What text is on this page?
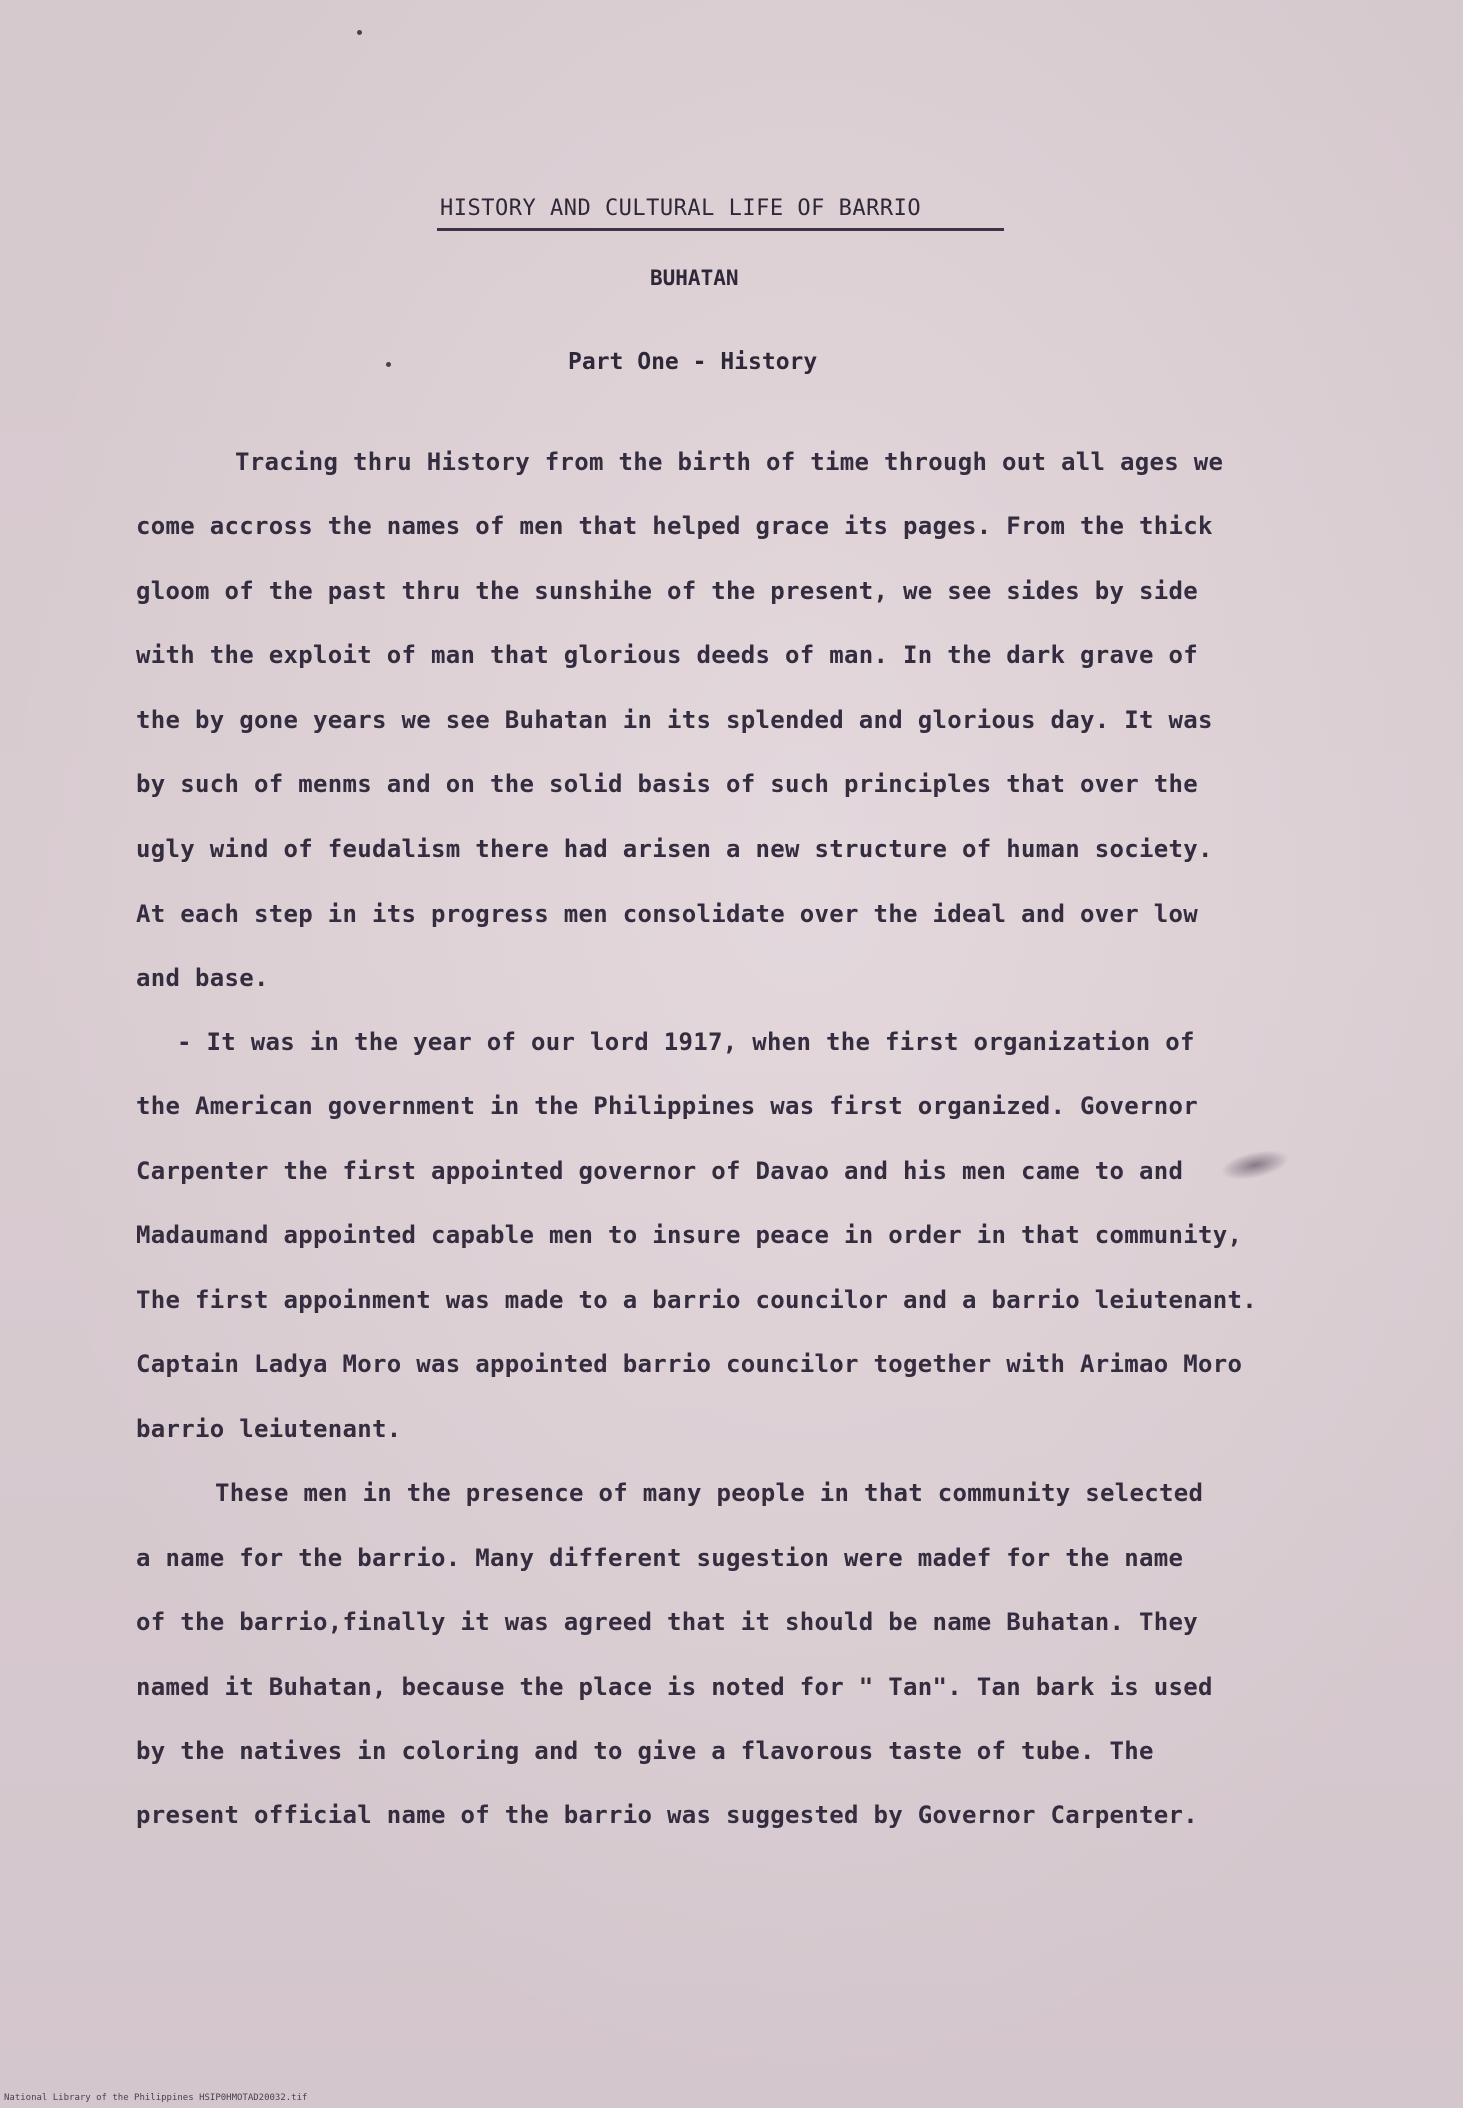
HISTORY AND CULTURAL LIFE OF BARRIO
BUHATAN
Part One - History
Tracing thru History from the birth of time through out all ages we
come accross the names of men that helped grace its pages. From the thick
gloom of the past thru the sunshihe of the present, we see sides by side
with the exploit of man that glorious deeds of man. In the dark grave of
the by gone years we see Buhatan in its splended and glorious day. It was
by such of menms and on the solid basis of such principles that over the
ugly wind of feudalism there had arisen a new structure of human society.
At each step in its progress men consolidate over the ideal and over low
and base.
- It was in the year of our lord 1917, when the first organization of
the American government in the Philippines was first organized. Governor
Carpenter the first appointed governor of Davao and his men came to and
Madaumand appointed capable men to insure peace in order in that community,
The first appoinment was made to a barrio councilor and a barrio leiutenant.
Captain Ladya Moro was appointed barrio councilor together with Arimao Moro
barrio leiutenant.
These men in the presence of many people in that community selected
a name for the barrio. Many different sugestion were madef for the name
of the barrio,finally it was agreed that it should be name Buhatan. They
named it Buhatan, because the place is noted for " Tan". Tan bark is used
by the natives in coloring and to give a flavorous taste of tube. The
present official name of the barrio was suggested by Governor Carpenter.
National Library of the Philippines HSIP0HMOTAD20032.tif
